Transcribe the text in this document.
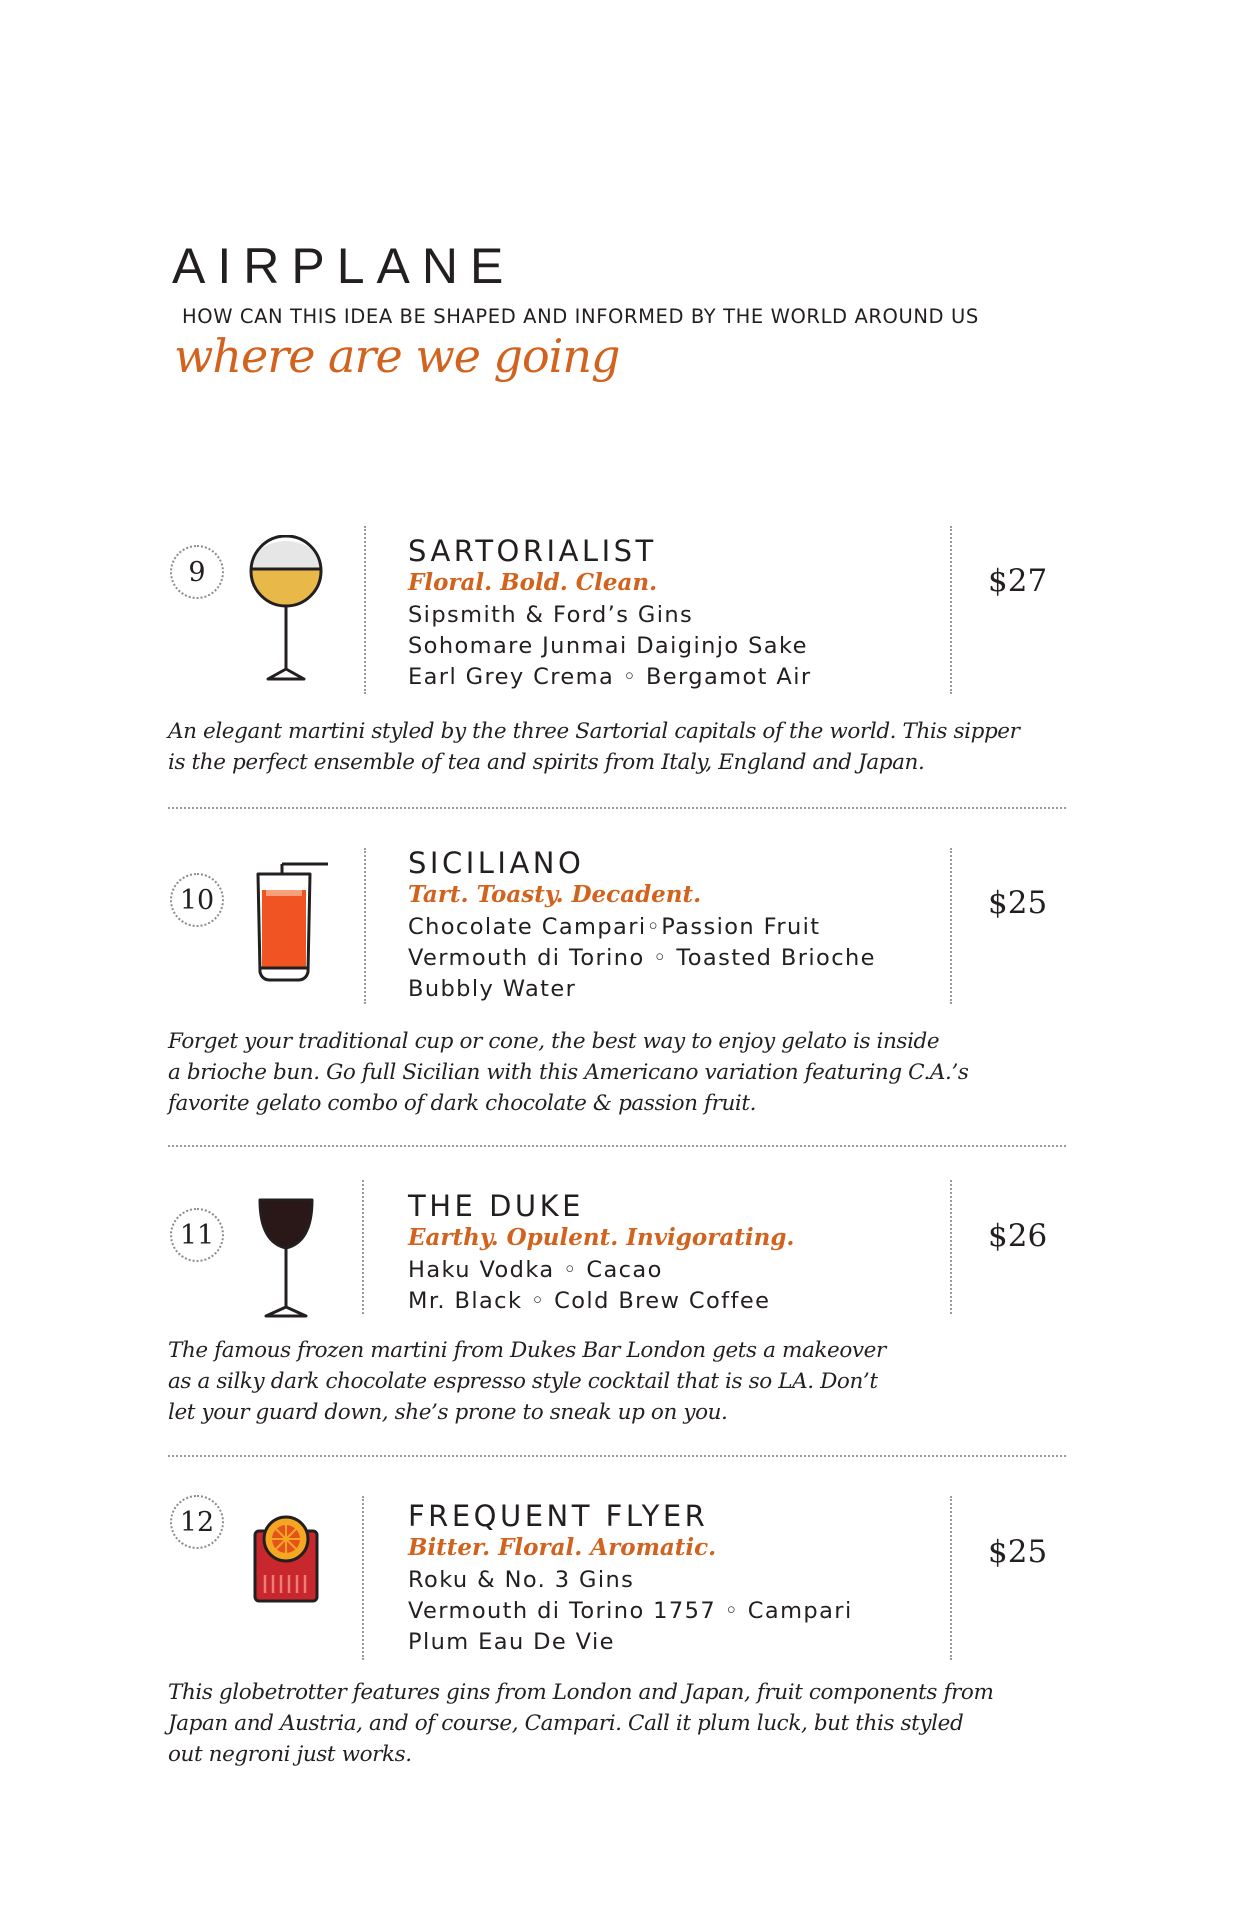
AIRPLANE

HOW CAN THIS IDEA BE SHAPED AND INFORMED BY THE WORLD AROUND US

where are we going

9
SARTORIALIST

Floral. Bold. Clean.

Sipsmith & Ford’s Gins

Sohomare Junmai Daiginjo Sake

Earl Grey Crema ◦ Bergamot Air

$27

An elegant martini styled by the three Sartorial capitals of the world. This sipper

is the perfect ensemble of tea and spirits from Italy, England and Japan.

10
SICILIANO

Tart. Toasty. Decadent.

Chocolate Campari◦Passion Fruit

Vermouth di Torino ◦ Toasted Brioche

Bubbly Water

$25

Forget your traditional cup or cone, the best way to enjoy gelato is inside

a brioche bun. Go full Sicilian with this Americano variation featuring C.A.’s

favorite gelato combo of dark chocolate & passion fruit.

11
THE DUKE

Earthy. Opulent. Invigorating.

Haku Vodka ◦ Cacao

Mr. Black ◦ Cold Brew Coffee

$26

The famous frozen martini from Dukes Bar London gets a makeover

as a silky dark chocolate espresso style cocktail that is so LA. Don’t

let your guard down, she’s prone to sneak up on you.

12	FREQUENT FLYER

Bitter. Floral. Aromatic.

Roku & No. 3 Gins

Vermouth di Torino 1757 ◦ Campari

Plum Eau De Vie

$25

This globetrotter features gins from London and Japan, fruit components from

Japan and Austria, and of course, Campari. Call it plum luck, but this styled

out negroni just works.
